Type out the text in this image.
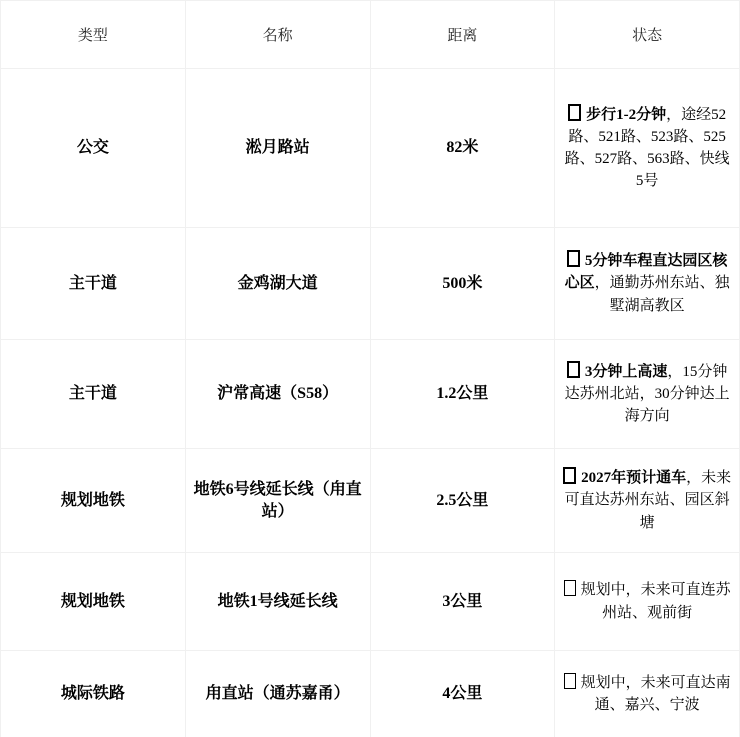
类型	名称	距离	状态
公交	淞月路站	82米	步行1-2分钟，途经52路、521路、523路、525路、527路、563路、快线5号
主干道	金鸡湖大道	500米	5分钟车程直达园区核心区，通勤苏州东站、独墅湖高教区
主干道	沪常高速（S58）	1.2公里	3分钟上高速，15分钟达苏州北站，30分钟达上海方向
规划地铁	地铁6号线延长线（甪直站）	2.5公里	2027年预计通车，未来可直达苏州东站、园区斜塘
规划地铁	地铁1号线延长线	3公里	规划中，未来可直连苏州站、观前街
城际铁路	甪直站（通苏嘉甬）	4公里	规划中，未来可直达南通、嘉兴、宁波
